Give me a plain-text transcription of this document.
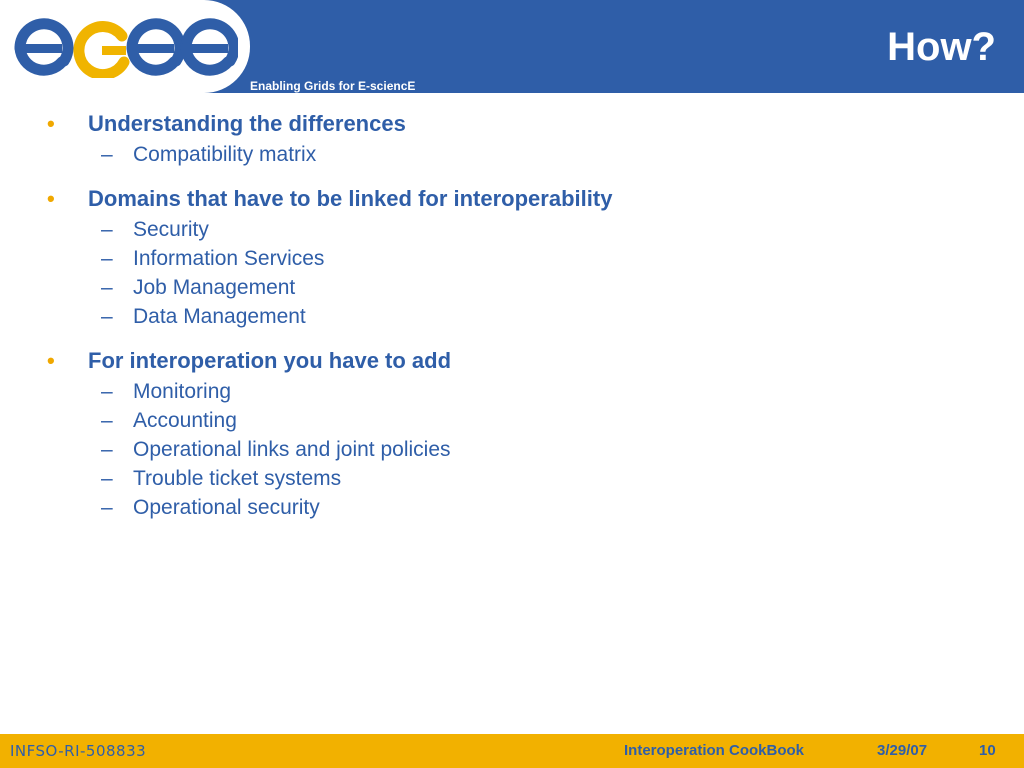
Enabling Grids for E-sciencE
How?
• Understanding the differences
– Compatibility matrix
• Domains that have to be linked for interoperability
– Security
– Information Services
– Job Management
– Data Management
• For interoperation you have to add
– Monitoring
– Accounting
– Operational links and joint policies
– Trouble ticket systems
– Operational security
INFSO-RI-508833	Interoperation CookBook	3/29/07	10
